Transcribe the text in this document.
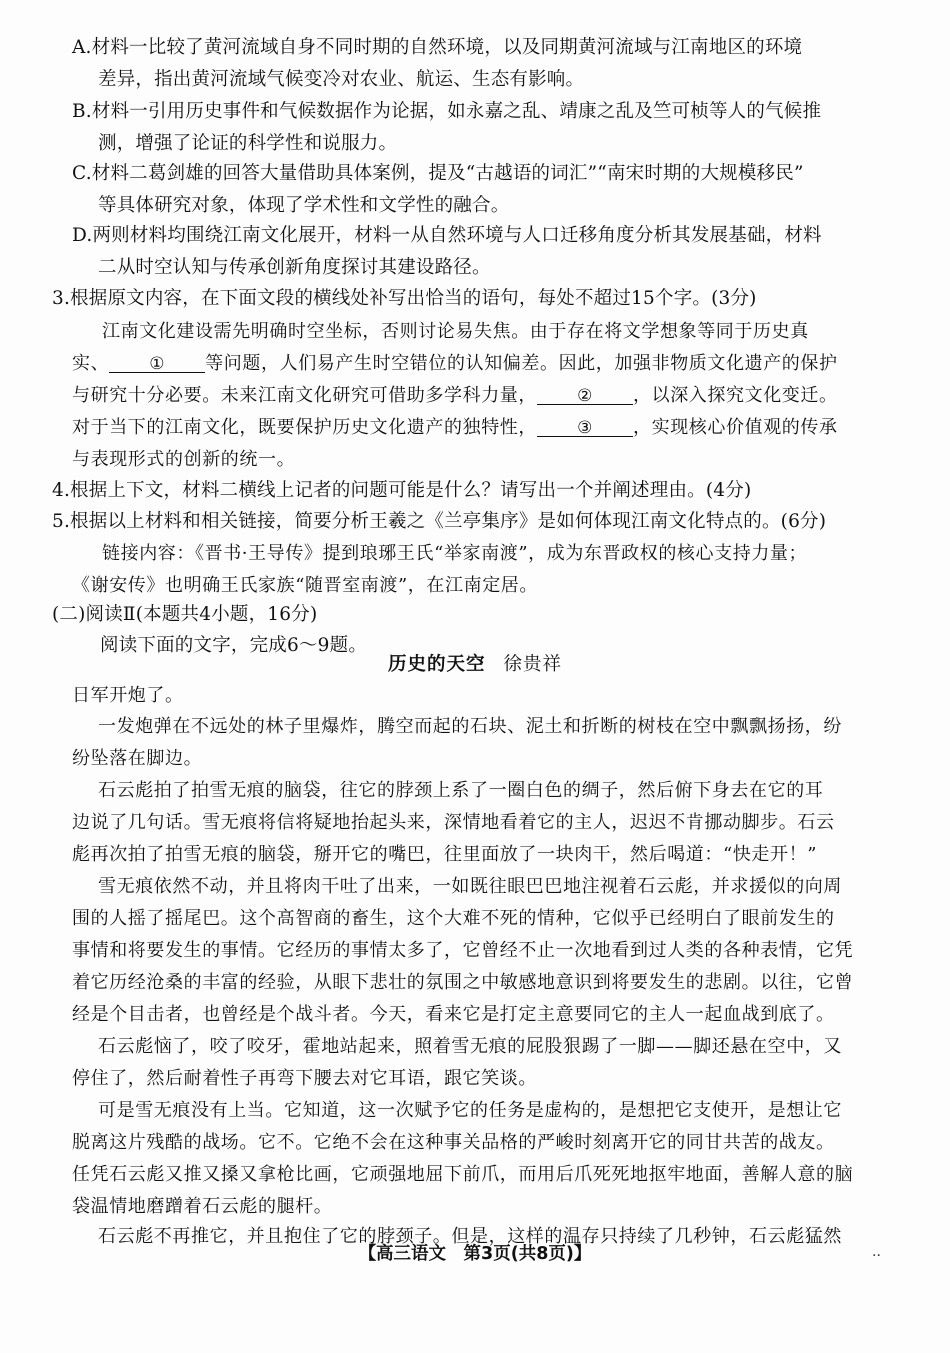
A.材料一比较了黄河流域自身不同时期的自然环境，以及同期黄河流域与江南地区的环境
差异，指出黄河流域气候变冷对农业、航运、生态有影响。
B.材料一引用历史事件和气候数据作为论据，如永嘉之乱、靖康之乱及竺可桢等人的气候推
测，增强了论证的科学性和说服力。
C.材料二葛剑雄的回答大量借助具体案例，提及“古越语的词汇”“南宋时期的大规模移民”
等具体研究对象，体现了学术性和文学性的融合。
D.两则材料均围绕江南文化展开，材料一从自然环境与人口迁移角度分析其发展基础，材料
二从时空认知与传承创新角度探讨其建设路径。
3.根据原文内容，在下面文段的横线处补写出恰当的语句，每处不超过15个字。(3分)
江南文化建设需先明确时空坐标，否则讨论易失焦。由于存在将文学想象等同于历史真
实、 ① 等问题，人们易产生时空错位的认知偏差。因此，加强非物质文化遗产的保护
与研究十分必要。未来江南文化研究可借助多学科力量， ② ，以深入探究文化变迁。
对于当下的江南文化，既要保护历史文化遗产的独特性， ③ ，实现核心价值观的传承
与表现形式的创新的统一。
4.根据上下文，材料二横线上记者的问题可能是什么？请写出一个并阐述理由。(4分)
5.根据以上材料和相关链接，简要分析王羲之《兰亭集序》是如何体现江南文化特点的。(6分)
链接内容：《晋书·王导传》提到琅琊王氏“举家南渡”，成为东晋政权的核心支持力量；
《谢安传》也明确王氏家族“随晋室南渡”，在江南定居。
(二)阅读Ⅱ(本题共4小题，16分)
阅读下面的文字，完成6～9题。
历史的天空 徐贵祥
日军开炮了。
一发炮弹在不远处的林子里爆炸，腾空而起的石块、泥土和折断的树枝在空中飘飘扬扬，纷
纷坠落在脚边。
石云彪拍了拍雪无痕的脑袋，往它的脖颈上系了一圈白色的绸子，然后俯下身去在它的耳
边说了几句话。雪无痕将信将疑地抬起头来，深情地看着它的主人，迟迟不肯挪动脚步。石云
彪再次拍了拍雪无痕的脑袋，掰开它的嘴巴，往里面放了一块肉干，然后喝道：“快走开！”
雪无痕依然不动，并且将肉干吐了出来，一如既往眼巴巴地注视着石云彪，并求援似的向周
围的人摇了摇尾巴。这个高智商的畜生，这个大难不死的情种，它似乎已经明白了眼前发生的
事情和将要发生的事情。它经历的事情太多了，它曾经不止一次地看到过人类的各种表情，它凭
着它历经沧桑的丰富的经验，从眼下悲壮的氛围之中敏感地意识到将要发生的悲剧。以往，它曾
经是个目击者，也曾经是个战斗者。今天，看来它是打定主意要同它的主人一起血战到底了。
石云彪恼了，咬了咬牙，霍地站起来，照着雪无痕的屁股狠踢了一脚——脚还悬在空中，又
停住了，然后耐着性子再弯下腰去对它耳语，跟它笑谈。
可是雪无痕没有上当。它知道，这一次赋予它的任务是虚构的，是想把它支使开，是想让它
脱离这片残酷的战场。它不。它绝不会在这种事关品格的严峻时刻离开它的同甘共苦的战友。
任凭石云彪又推又搡又拿枪比画，它顽强地屈下前爪，而用后爪死死地抠牢地面，善解人意的脑
袋温情地磨蹭着石云彪的腿杆。
石云彪不再推它，并且抱住了它的脖颈子。但是，这样的温存只持续了几秒钟，石云彪猛然
【高三语文　第3页(共8页)】	..
